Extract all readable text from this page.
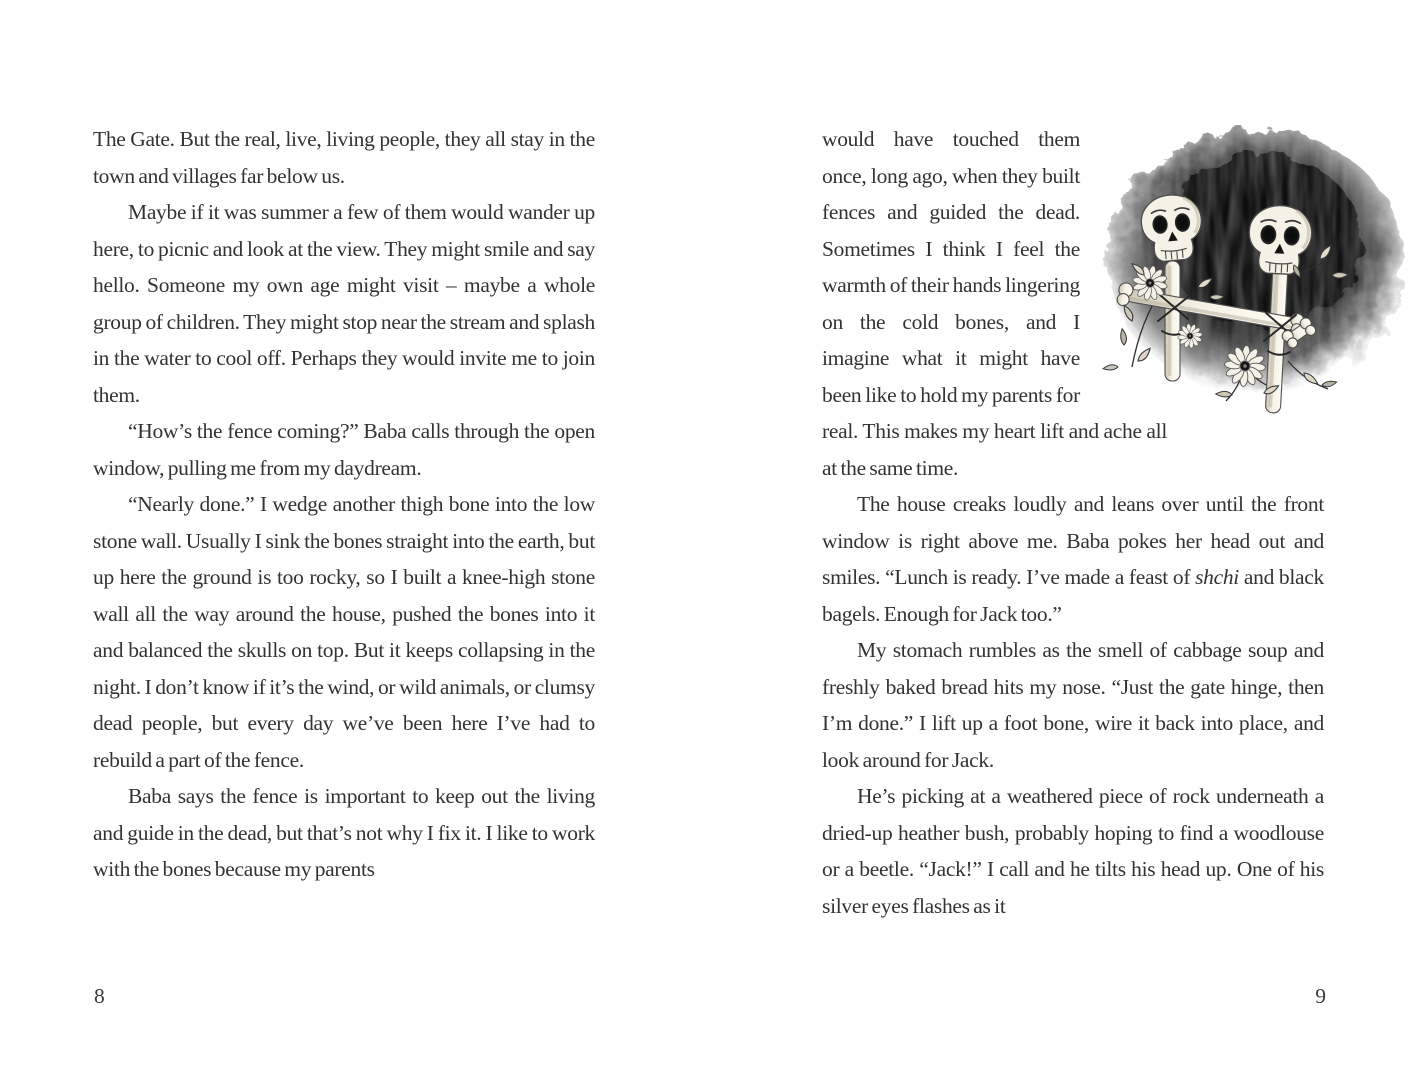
The Gate. But the real, live, living people, they all stay in the town and villages far below us.

Maybe if it was summer a few of them would wander up here, to picnic and look at the view. They might smile and say hello. Someone my own age might visit – maybe a whole group of children. They might stop near the stream and splash in the water to cool off. Perhaps they would invite me to join them.

“How’s the fence coming?” Baba calls through the open window, pulling me from my daydream.

“Nearly done.” I wedge another thigh bone into the low stone wall. Usually I sink the bones straight into the earth, but up here the ground is too rocky, so I built a knee-high stone wall all the way around the house, pushed the bones into it and balanced the skulls on top. But it keeps collapsing in the night. I don’t know if it’s the wind, or wild animals, or clumsy dead people, but every day we’ve been here I’ve had to rebuild a part of the fence.

Baba says the fence is important to keep out the living and guide in the dead, but that’s not why I fix it. I like to work with the bones because my parents

8

would have touched them once, long ago, when they built fences and guided the dead. Sometimes I think I feel the warmth of their hands lingering on the cold bones, and I imagine what it might have been like to hold my parents for real. This makes my heart lift and ache all at the same time.

The house creaks loudly and leans over until the front window is right above me. Baba pokes her head out and smiles. “Lunch is ready. I’ve made a feast of shchi and black bagels. Enough for Jack too.”

My stomach rumbles as the smell of cabbage soup and freshly baked bread hits my nose. “Just the gate hinge, then I’m done.” I lift up a foot bone, wire it back into place, and look around for Jack.

He’s picking at a weathered piece of rock underneath a dried-up heather bush, probably hoping to find a woodlouse or a beetle. “Jack!” I call and he tilts his head up. One of his silver eyes flashes as it

9
